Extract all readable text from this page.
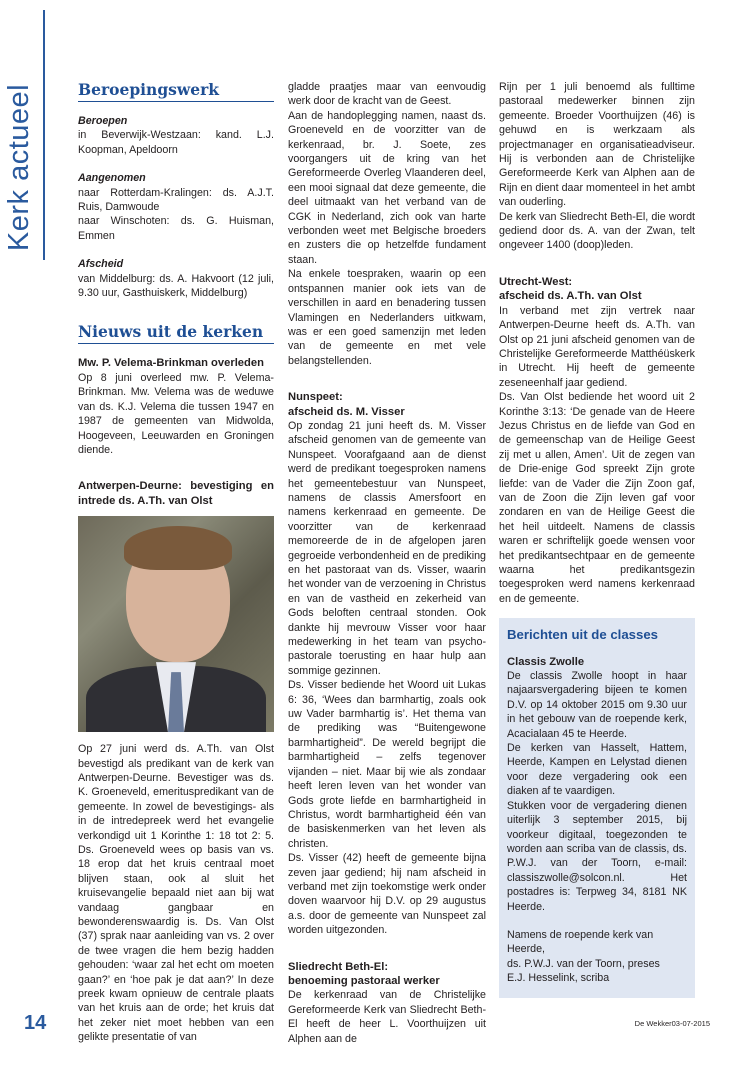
Kerk actueel	Beroepingswerk

Beroepen

in Beverwijk-Westzaan: kand. L.J. Koopman, Apeldoorn

Aangenomen

naar Rotterdam-Kralingen: ds. A.J.T. Ruis, Damwoude

naar Winschoten: ds. G. Huisman, Emmen

Afscheid

van Middelburg: ds. A. Hakvoort (12 juli, 9.30 uur, Gasthuiskerk, Middelburg)

Nieuws uit de kerken

Mw. P. Velema-Brinkman overleden

Op 8 juni overleed mw. P. Velema-Brinkman. Mw. Velema was de weduwe van ds. K.J. Velema die tussen 1947 en 1987 de gemeenten van Midwolda, Hoogeveen, Leeuwarden en Groningen diende.

Antwerpen-Deurne: bevestiging en intrede ds. A.Th. van Olst

Op 27 juni werd ds. A.Th. van Olst bevestigd als predikant van de kerk van Antwerpen-Deurne. Bevestiger was ds. K. Groeneveld, emerituspredikant van de gemeente. In zowel de bevestigings- als in de intredepreek werd het evangelie verkondigd uit 1 Korinthe 1: 18 tot 2: 5. Ds. Groeneveld wees op basis van vs. 18 erop dat het kruis centraal moet blijven staan, ook al sluit het kruisevangelie bepaald niet aan bij wat vandaag gangbaar en bewonderenswaardig is. Ds. Van Olst (37) sprak naar aanleiding van vs. 2 over de twee vragen die hem bezig hadden gehouden: ‘waar zal het echt om moeten gaan?’ en ‘hoe pak je dat aan?’ In deze preek kwam opnieuw de centrale plaats van het kruis aan de orde; het kruis dat het zeker niet moet hebben van een gelikte presentatie of van

gladde praatjes maar van eenvoudig werk door de kracht van de Geest.

Aan de handoplegging namen, naast ds. Groeneveld en de voorzitter van de kerkenraad, br. J. Soete, zes voorgangers uit de kring van het Gereformeerde Overleg Vlaanderen deel, een mooi signaal dat deze gemeente, die deel uitmaakt van het verband van de CGK in Nederland, zich ook van harte verbonden weet met Belgische broeders en zusters die op hetzelfde fundament staan.

Na enkele toespraken, waarin op een ontspannen manier ook iets van de verschillen in aard en benadering tussen Vlamingen en Nederlanders uitkwam, was er een goed samenzijn met leden van de gemeente en met vele belangstellenden.

Nunspeet:

afscheid ds. M. Visser

Op zondag 21 juni heeft ds. M. Visser afscheid genomen van de gemeente van Nunspeet. Voorafgaand aan de dienst werd de predikant toegesproken namens het gemeentebestuur van Nunspeet, namens de classis Amersfoort en namens kerkenraad en gemeente. De voorzitter van de kerkenraad memoreerde de in de afgelopen jaren gegroeide verbondenheid en de prediking en het pastoraat van ds. Visser, waarin het wonder van de verzoening in Christus en van de vastheid en zekerheid van Gods beloften centraal stonden. Ook dankte hij mevrouw Visser voor haar medewerking in het team van psycho-pastorale toerusting en haar hulp aan sommige gezinnen.

Ds. Visser bediende het Woord uit Lukas 6: 36, ‘Wees dan barmhartig, zoals ook uw Vader barmhartig is’. Het thema van de prediking was “Buitengewone barmhartigheid”. De wereld begrijpt die barmhartigheid – zelfs tegenover vijanden – niet. Maar bij wie als zondaar heeft leren leven van het wonder van Gods grote liefde en barmhartigheid in Christus, wordt barmhartigheid één van de basiskenmerken van het leven als christen.

Ds. Visser (42) heeft de gemeente bijna zeven jaar gediend; hij nam afscheid in verband met zijn toekomstige werk onder doven waarvoor hij D.V. op 29 augustus a.s. door de gemeente van Nunspeet zal worden uitgezonden.

Sliedrecht Beth-El:

benoeming pastoraal werker

De kerkenraad van de Christelijke Gereformeerde Kerk van Sliedrecht Beth-El heeft de heer L. Voorthuijzen uit Alphen aan de

Rijn per 1 juli benoemd als fulltime pastoraal medewerker binnen zijn gemeente. Broeder Voorthuijzen (46) is gehuwd en is werkzaam als projectmanager en organisatieadviseur. Hij is verbonden aan de Christelijke Gereformeerde Kerk van Alphen aan de Rijn en dient daar momenteel in het ambt van ouderling.

De kerk van Sliedrecht Beth-El, die wordt gediend door ds. A. van der Zwan, telt ongeveer 1400 (doop)leden.

Utrecht-West:

afscheid ds. A.Th. van Olst

In verband met zijn vertrek naar Antwerpen-Deurne heeft ds. A.Th. van Olst op 21 juni afscheid genomen van de Christelijke Gereformeerde Matthéüskerk in Utrecht. Hij heeft de gemeente zeseneenhalf jaar gediend.

Ds. Van Olst bediende het woord uit 2 Korinthe 3:13: ‘De genade van de Heere Jezus Christus en de liefde van God en de gemeenschap van de Heilige Geest zij met u allen, Amen’. Uit de zegen van de Drie-enige God spreekt Zijn grote liefde: van de Vader die Zijn Zoon gaf, van de Zoon die Zijn leven gaf voor zondaren en van de Heilige Geest die het heil uitdeelt. Namens de classis waren er schriftelijk goede wensen voor het predikantsechtpaar en de gemeente waarna het predikantsgezin toegesproken werd namens kerkenraad en de gemeente.

Berichten uit de classes

Classis Zwolle

De classis Zwolle hoopt in haar najaarsvergadering bijeen te komen D.V. op 14 oktober 2015 om 9.30 uur in het gebouw van de roepende kerk, Acacialaan 45 te Heerde.

De kerken van Hasselt, Hattem, Heerde, Kampen en Lelystad dienen voor deze vergadering ook een diaken af te vaardigen.

Stukken voor de vergadering dienen uiterlijk 3 september 2015, bij voorkeur digitaal, toegezonden te worden aan scriba van de classis, ds. P.W.J. van der Toorn, e-mail: classiszwolle@solcon.nl. Het postadres is: Terpweg 34, 8181 NK Heerde.

Namens de roepende kerk van Heerde,

ds. P.W.J. van der Toorn, preses

E.J. Hesselink, scriba

14	De Wekker03-07-2015
